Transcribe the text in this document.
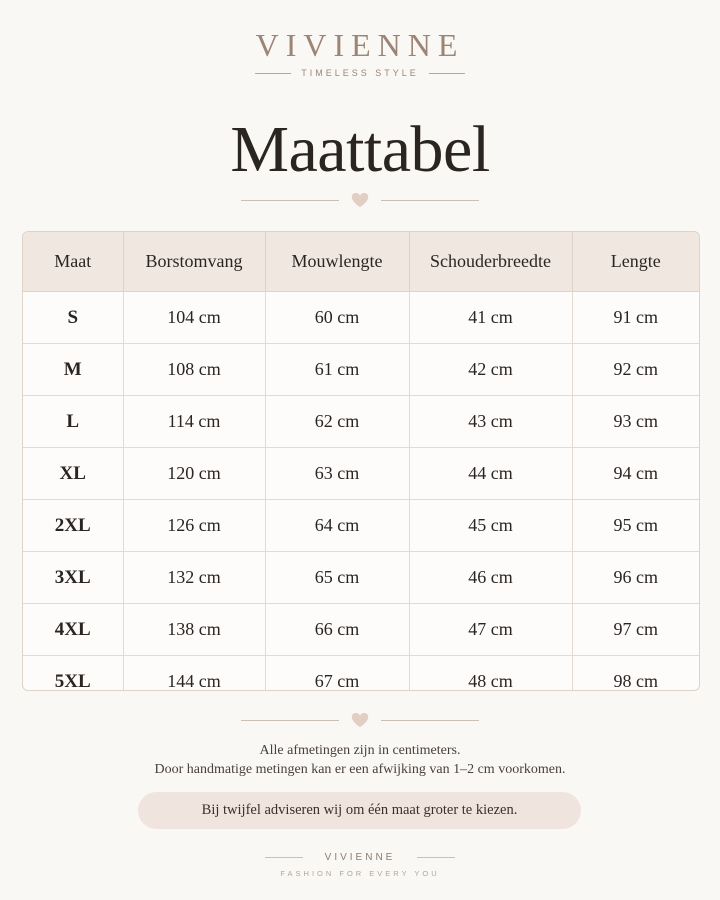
VIVIENNE
TIMELESS STYLE
Maattabel
Maat	Borstomvang	Mouwlengte	Schouderbreedte	Lengte
S	104 cm	60 cm	41 cm	91 cm
M	108 cm	61 cm	42 cm	92 cm
L	114 cm	62 cm	43 cm	93 cm
XL	120 cm	63 cm	44 cm	94 cm
2XL	126 cm	64 cm	45 cm	95 cm
3XL	132 cm	65 cm	46 cm	96 cm
4XL	138 cm	66 cm	47 cm	97 cm
5XL	144 cm	67 cm	48 cm	98 cm
Alle afmetingen zijn in centimeters.
Door handmatige metingen kan er een afwijking van 1–2 cm voorkomen.
Bij twijfel adviseren wij om één maat groter te kiezen.
VIVIENNE
FASHION FOR EVERY YOU
